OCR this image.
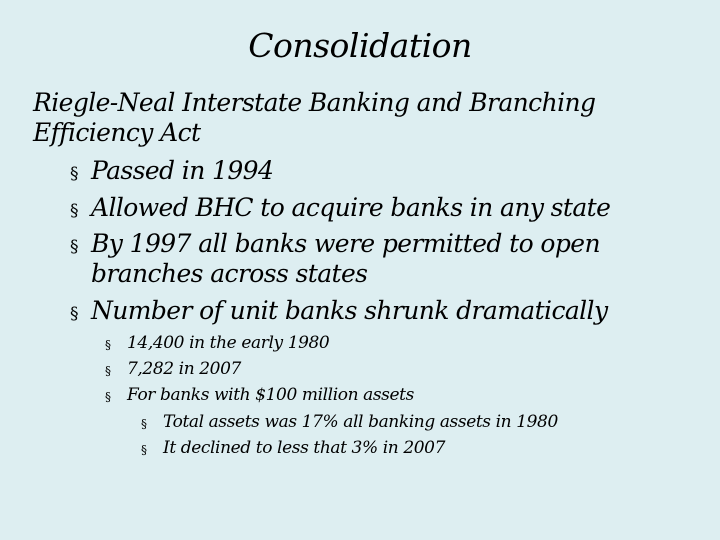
Consolidation
Riegle-Neal Interstate Banking and Branching
Efficiency Act
§ Passed in 1994
§ Allowed BHC to acquire banks in any state
§ By 1997 all banks were permitted to open
branches across states
§ Number of unit banks shrunk dramatically
§ 14,400 in the early 1980
§ 7,282 in 2007
§ For banks with $100 million assets
§ Total assets was 17% all banking assets in 1980
§ It declined to less that 3% in 2007
